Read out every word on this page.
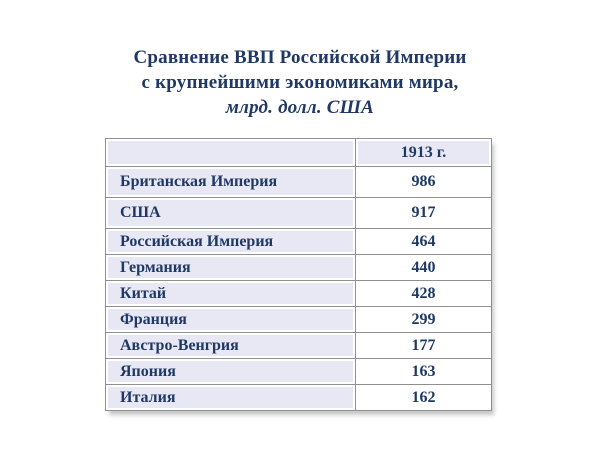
Сравнение ВВП Российской Империи
с крупнейшими экономиками мира,
млрд. долл. США
	1913 г.
Британская Империя	986
США	917
Российская Империя	464
Германия	440
Китай	428
Франция	299
Австро-Венгрия	177
Япония	163
Италия	162
